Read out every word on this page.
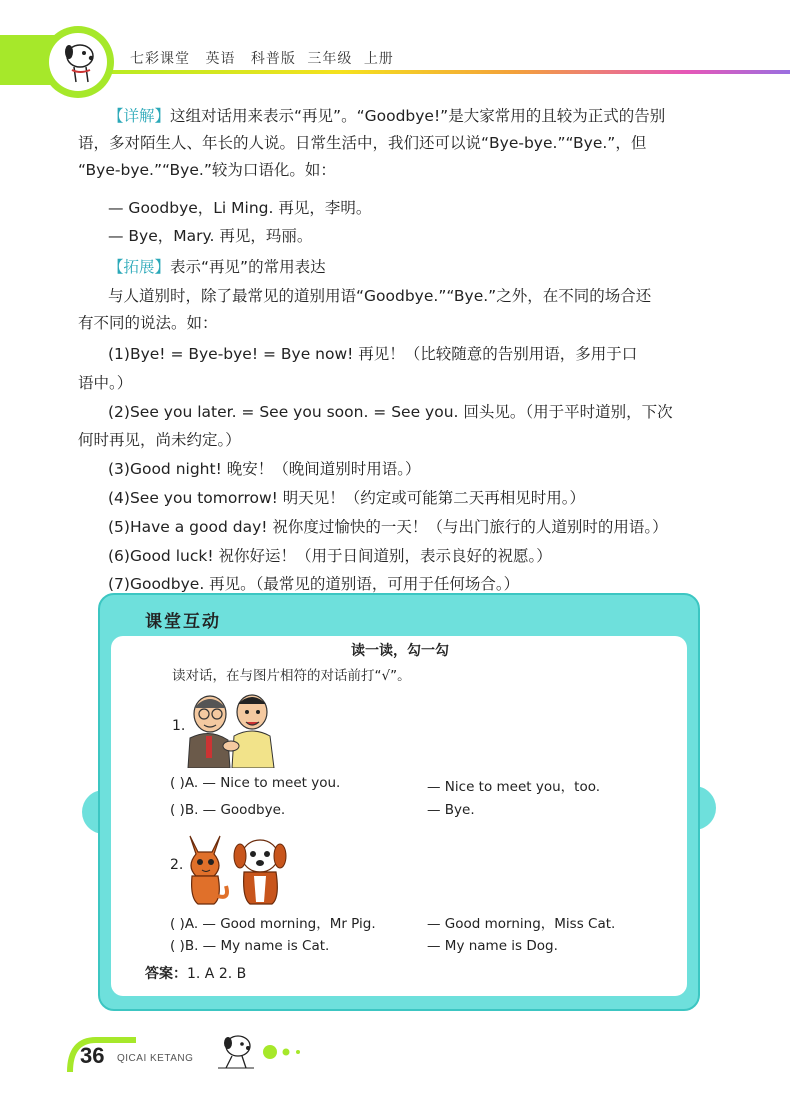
七彩课堂 英语 科普版 三年级 上册
【详解】这组对话用来表示“再见”。“Goodbye!”是大家常用的且较为正式的告别
语，多对陌生人、年长的人说。日常生活中，我们还可以说“Bye-bye.”“Bye.”，但
“Bye-bye.”“Bye.”较为口语化。如：
— Goodbye，Li Ming. 再见，李明。
— Bye，Mary. 再见，玛丽。
【拓展】表示“再见”的常用表达
与人道别时，除了最常见的道别用语“Goodbye.”“Bye.”之外，在不同的场合还
有不同的说法。如：
(1)Bye! = Bye-bye! = Bye now! 再见！（比较随意的告别用语，多用于口
语中。）
(2)See you later. = See you soon. = See you. 回头见。（用于平时道别，下次
何时再见，尚未约定。）
(3)Good night! 晚安！（晚间道别时用语。）
(4)See you tomorrow! 明天见！（约定或可能第二天再相见时用。）
(5)Have a good day! 祝你度过愉快的一天！（与出门旅行的人道别时的用语。）
(6)Good luck! 祝你好运！（用于日间道别，表示良好的祝愿。）
(7)Goodbye. 再见。（最常见的道别语，可用于任何场合。）
课堂互动
读一读，勾一勾
读对话，在与图片相符的对话前打“√”。
1.
( )A. — Nice to meet you.	— Nice to meet you，too.
( )B. — Goodbye.	— Bye.
2.
( )A. — Good morning，Mr Pig.	— Good morning，Miss Cat.
( )B. — My name is Cat.	— My name is Dog.
答案：1. A 2. B
36 QICAI KETANG
